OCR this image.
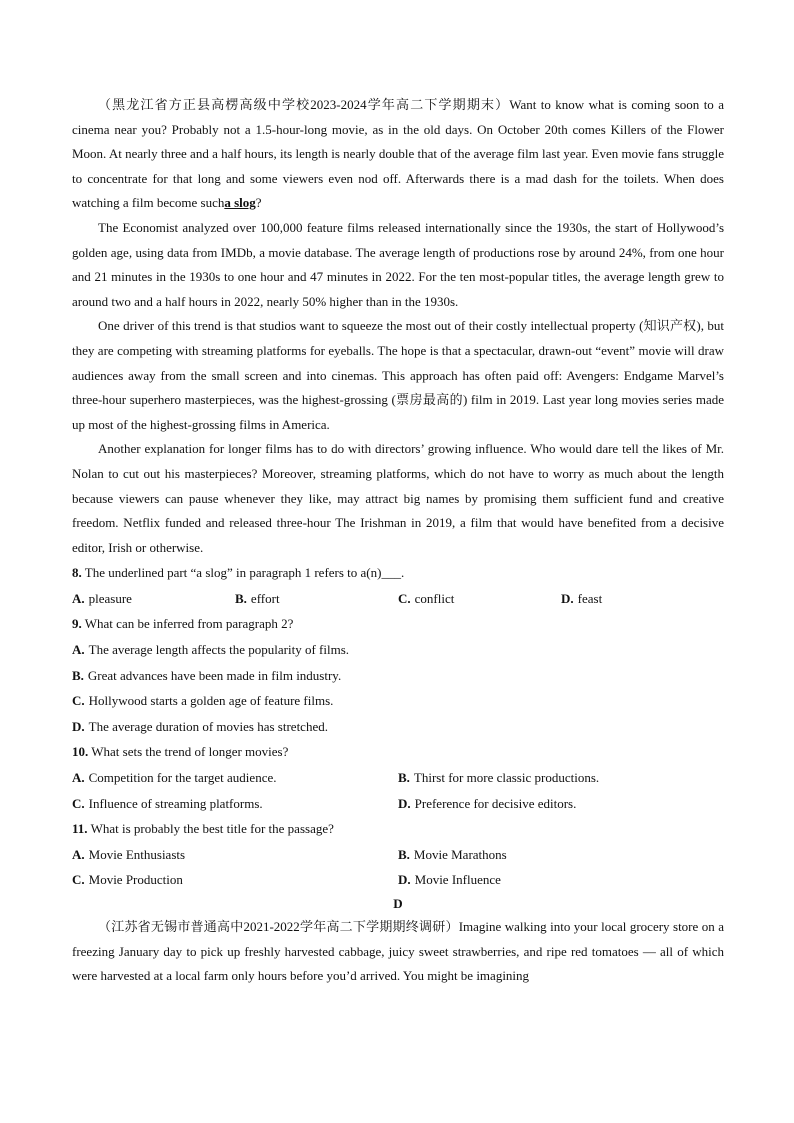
（黑龙江省方正县高楞高级中学校2023-2024学年高二下学期期末）Want to know what is coming soon to a cinema near you? Probably not a 1.5-hour-long movie, as in the old days. On October 20th comes Killers of the Flower Moon. At nearly three and a half hours, its length is nearly double that of the average film last year. Even movie fans struggle to concentrate for that long and some viewers even nod off. Afterwards there is a mad dash for the toilets. When does watching a film become sucha slog?

The Economist analyzed over 100,000 feature films released internationally since the 1930s, the start of Hollywood’s golden age, using data from IMDb, a movie database. The average length of productions rose by around 24%, from one hour and 21 minutes in the 1930s to one hour and 47 minutes in 2022. For the ten most-popular titles, the average length grew to around two and a half hours in 2022, nearly 50% higher than in the 1930s.

One driver of this trend is that studios want to squeeze the most out of their costly intellectual property (知识产权), but they are competing with streaming platforms for eyeballs. The hope is that a spectacular, drawn-out “event” movie will draw audiences away from the small screen and into cinemas. This approach has often paid off: Avengers: Endgame Marvel’s three-hour superhero masterpieces, was the highest-grossing (票房最高的) film in 2019. Last year long movies series made up most of the highest-grossing films in America.

Another explanation for longer films has to do with directors’ growing influence. Who would dare tell the likes of Mr. Nolan to cut out his masterpieces? Moreover, streaming platforms, which do not have to worry as much about the length because viewers can pause whenever they like, may attract big names by promising them sufficient fund and creative freedom. Netflix funded and released three-hour The Irishman in 2019, a film that would have benefited from a decisive editor, Irish or otherwise.

8. The underlined part “a slog” in paragraph 1 refers to a(n)___.
A. pleasure	B. effort	C. conflict	D. feast
9. What can be inferred from paragraph 2?
A. The average length affects the popularity of films.
B. Great advances have been made in film industry.
C. Hollywood starts a golden age of feature films.
D. The average duration of movies has stretched.
10. What sets the trend of longer movies?
A. Competition for the target audience.	B. Thirst for more classic productions.
C. Influence of streaming platforms.	D. Preference for decisive editors.
11. What is probably the best title for the passage?
A. Movie Enthusiasts	B. Movie Marathons
C. Movie Production	D. Movie Influence
D

（江苏省无锡市普通高中2021-2022学年高二下学期期终调研）Imagine walking into your local grocery store on a freezing January day to pick up freshly harvested cabbage, juicy sweet strawberries, and ripe red tomatoes — all of which were harvested at a local farm only hours before you’d arrived. You might be imagining
